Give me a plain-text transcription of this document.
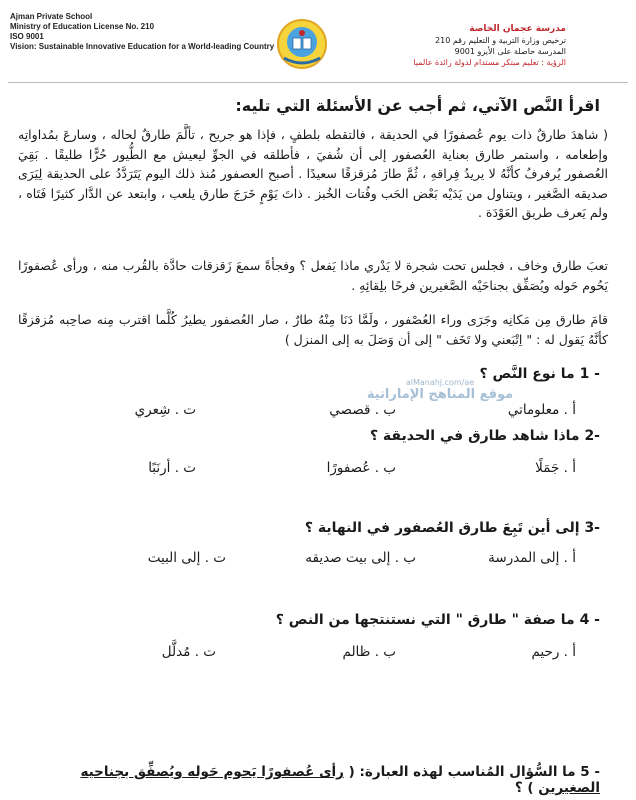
Ajman Private School
Ministry of Education License No. 210
ISO 9001
Vision: Sustainable Innovative Education for a World-leading Country
مدرسة عجمان الخاصة
ترخيص وزارة التربية و التعليم رقم 210
المدرسة حاصلة على الأيزو 9001
الرؤية : تعليم مبتكر مستدام لدولة رائدة عالميا
اقرأ النَّص الآتي، ثم أجب عن الأسئلة التي تليه:
( شاهدَ طارقٌ ذات يوم عُصفورًا في الحديقة ، فالتقطه بلطفٍ ، فإذا هو جريح ، تألَّمَ طارقٌ لحاله ، وسارعَ بمُداواتِه وإطعامه ، واستمر طارق بعناية العُصفور إلى أن شُفيَ ، فأطلقه في الجوِّ ليعيش مع الطُّيور حُرًّا طليقًا . بَقِيَ العُصفور يُرفرفُ كأنَّهُ لا يريدُ فِراقهِ ، ثُمَّ طارَ مُزقزقًا سعيدًا . أصبح العصفور مُنذ ذلك اليوم يَتَرَدَّدُ على الحديقة لِيَرَى صديقه الصَّغير ، ويتناول من يَدَيْه بَعْض الحَب وفُتات الخُبز . ذاتَ يَوْمٍ خَرَجَ طارق يلعب ، وابتعد عن الدَّار كثيرًا فَتَاه ، ولم يَعرف طريق العَوْدَة .
تعبَ طارق وخاف ، فجلس تحت شجرة لا يَدْري ماذا يَفعل ؟ وفجأةً سمعَ زَقزقات حادَّة بالقُرب منه ، ورأى عُصفورًا يَحُوم حَوله ويُصَفِّق بجناحَيْه الصَّغيرين فرحًا بلِقائِهِ .
قامَ طارق مِن مَكانِه وجَرَى وراء العُصْفور ، ولَمَّا دَنَا مِنْهُ طارٌ ، صار العُصفور يطيرُ كُلَّما اقترب مِنه صاحِبه مُزقزقًا كأنَّهُ يَقول له : " اِتْبَعني ولا تَخَف " إلى أن وَصَلَ به إلى المنزل )
alManahj.com/ae
موقع المناهج الإماراتية
1 - ما نوع النَّص ؟
أ . معلوماتي
ب . قصصي
ت . شِعري
2- ماذا شاهد طارق في الحديقة ؟
أ . جَمَلًا
ب . عُصفورًا
ت . أرنَبًا
3- إلى أين تَبِعَ طارق العُصفور في النهاية ؟
أ . إلى المدرسة
ب . إلى بيت صديقه
ت . إلى البيت
4 - ما صفة " طارق " التي نستنتجها من النص ؟
أ . رحيم
ب . ظالم
ت . مُدلَّل
5 - ما السُّؤال المُناسب لهذه العبارة: ( رأى عُصفورًا يَحوم حَوله ويُصفِّق بجناحيه الصغيرين ) ؟
